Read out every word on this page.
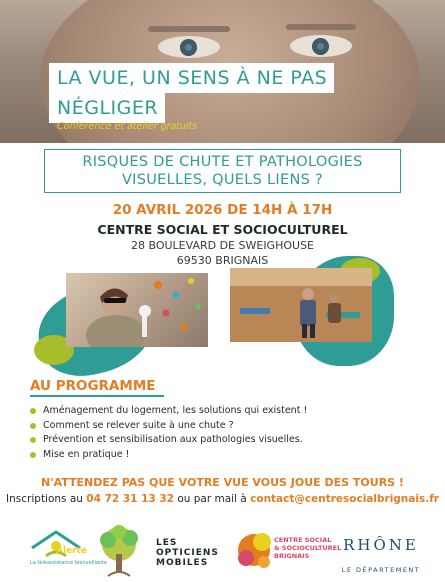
LA VUE, UN SENS À NE PAS
NÉGLIGER
Conférence et atelier gratuits
RISQUES DE CHUTE ET PATHOLOGIES
VISUELLES, QUELS LIENS ?
20 AVRIL 2026 DE 14H À 17H
CENTRE SOCIAL ET SOCIOCULTUREL
28 BOULEVARD DE SWEIGHOUSE
69530 BRIGNAIS
AU PROGRAMME
Aménagement du logement, les solutions qui existent !
Comment se relever suite à une chute ?
Prévention et sensibilisation aux pathologies visuelles.
Mise en pratique !
N'ATTENDEZ PAS QUE VOTRE VUE VOUS JOUE DES TOURS !
Inscriptions au 04 72 31 13 32 ou par mail à contact@centresocialbrignais.fr
Alerte
La téléassistance bienveillante
LES
OPTICIENS
MOBILES
CENTRE SOCIAL
& SOCIOCULTUREL
BRIGNAIS
RHÔNE
LE DÉPARTEMENT
